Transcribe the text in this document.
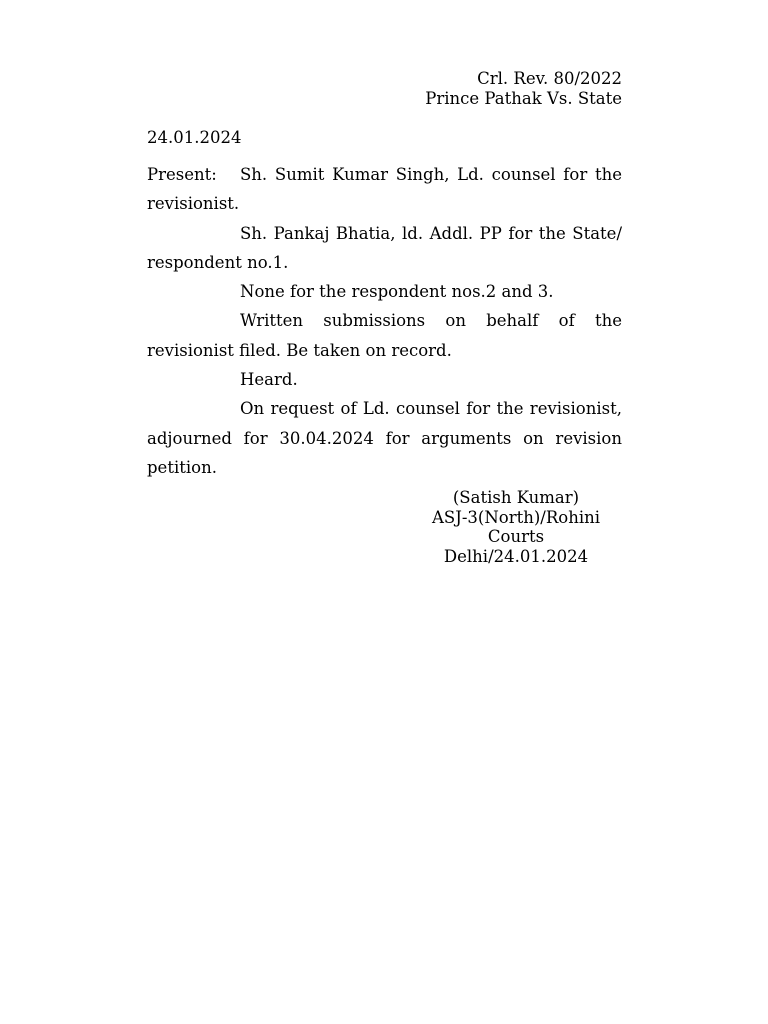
Crl. Rev. 80/2022
Prince Pathak Vs. State
24.01.2024

Present: Sh. Sumit Kumar Singh, Ld. counsel for the revisionist.

Sh. Pankaj Bhatia, ld. Addl. PP for the State/ respondent no.1.

None for the respondent nos.2 and 3.

Written submissions on behalf of the revisionist filed. Be taken on record.

Heard.

On request of Ld. counsel for the revisionist, adjourned for 30.04.2024 for arguments on revision petition.

(Satish Kumar)
ASJ-3(North)/Rohini Courts
Delhi/24.01.2024
